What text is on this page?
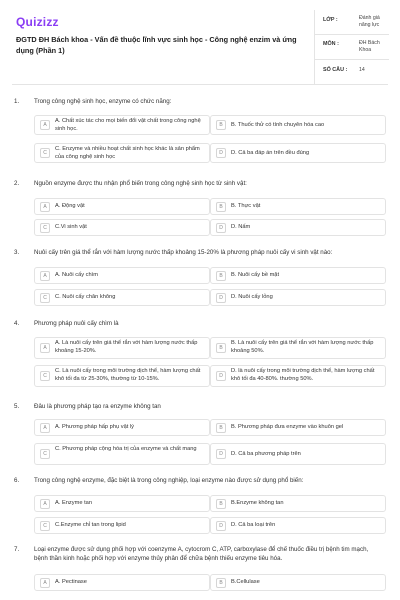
Quizizz
ĐGTD ĐH Bách khoa - Vấn đề thuộc lĩnh vực sinh học - Công nghệ enzim và ứng dụng (Phần 1)
LỚP :	Đánh giá năng lực
MÔN :	ĐH Bách Khoa
SỐ CÂU : 14
1. Trong công nghệ sinh học, enzyme có chức năng:
A
A. Chất xúc tác cho mọi biến đổi vật chất trong công nghệ sinh học.
B	B. Thuốc thử có tính chuyên hóa cao
C
C. Enzyme và nhiều hoạt chất sinh học khác là sản phẩm của công nghệ sinh học
D	D. Cả ba đáp án trên đều đúng
2. Nguồn enzyme được thu nhận phổ biến trong công nghệ sinh học từ sinh vật:
A	A. Động vật	B	B. Thực vật
C	C.Vi sinh vật	D	D. Nấm
3. Nuôi cấy trên giá thể rắn với hàm lượng nước thấp khoảng 15-20% là phương pháp nuôi cấy vi sinh vật nào:
A	A. Nuôi cấy chìm	B	B. Nuôi cấy bề mặt
C	C. Nuôi cấy chân không	D	D. Nuôi cấy lỏng
4. Phương pháp nuôi cấy chìm là
A
A. Là nuôi cấy trên giá thể rắn với hàm lượng nước thấp khoảng 15-20%.	B
B. Là nuôi cấy trên giá thể rắn với hàm lượng nước thấp khoảng 50%.
C
C. Là nuôi cấy trong môi trường dịch thể, hàm lượng chất khô tối đa từ 25-30%, thường từ 10-15%.	D
D. là nuôi cấy trong môi trường dịch thể, hàm lượng chất khô tối đa 40-80%. thường 50%.
5. Đâu là phương pháp tạo ra enzyme không tan
A	A. Phương pháp hấp phụ vật lý	B	B. Phương pháp đưa enzyme vào khuôn gel
C
C. Phương pháp cộng hóa trị của enzyme và chất mang
D	D. Cả ba phương pháp trên
6. Trong công nghệ enzyme, đặc biệt là trong công nghiệp, loại enzyme nào được sử dụng phổ biến:
A	A. Enzyme tan	B	B.Enzyme không tan
C	C.Enzyme chỉ tan trong lipid	D	D. Cả ba loại trên
7. Loại enzyme được sử dụng phối hợp với coenzyme A, cytocrom C, ATP, carboxylase để chế thuốc điều trị bệnh tim mạch, bệnh thần kinh hoặc phối hợp với enzyme thủy phân để chữa bệnh thiếu enzyme tiêu hóa.
A	A. Pectinase	B	B.Cellulase
